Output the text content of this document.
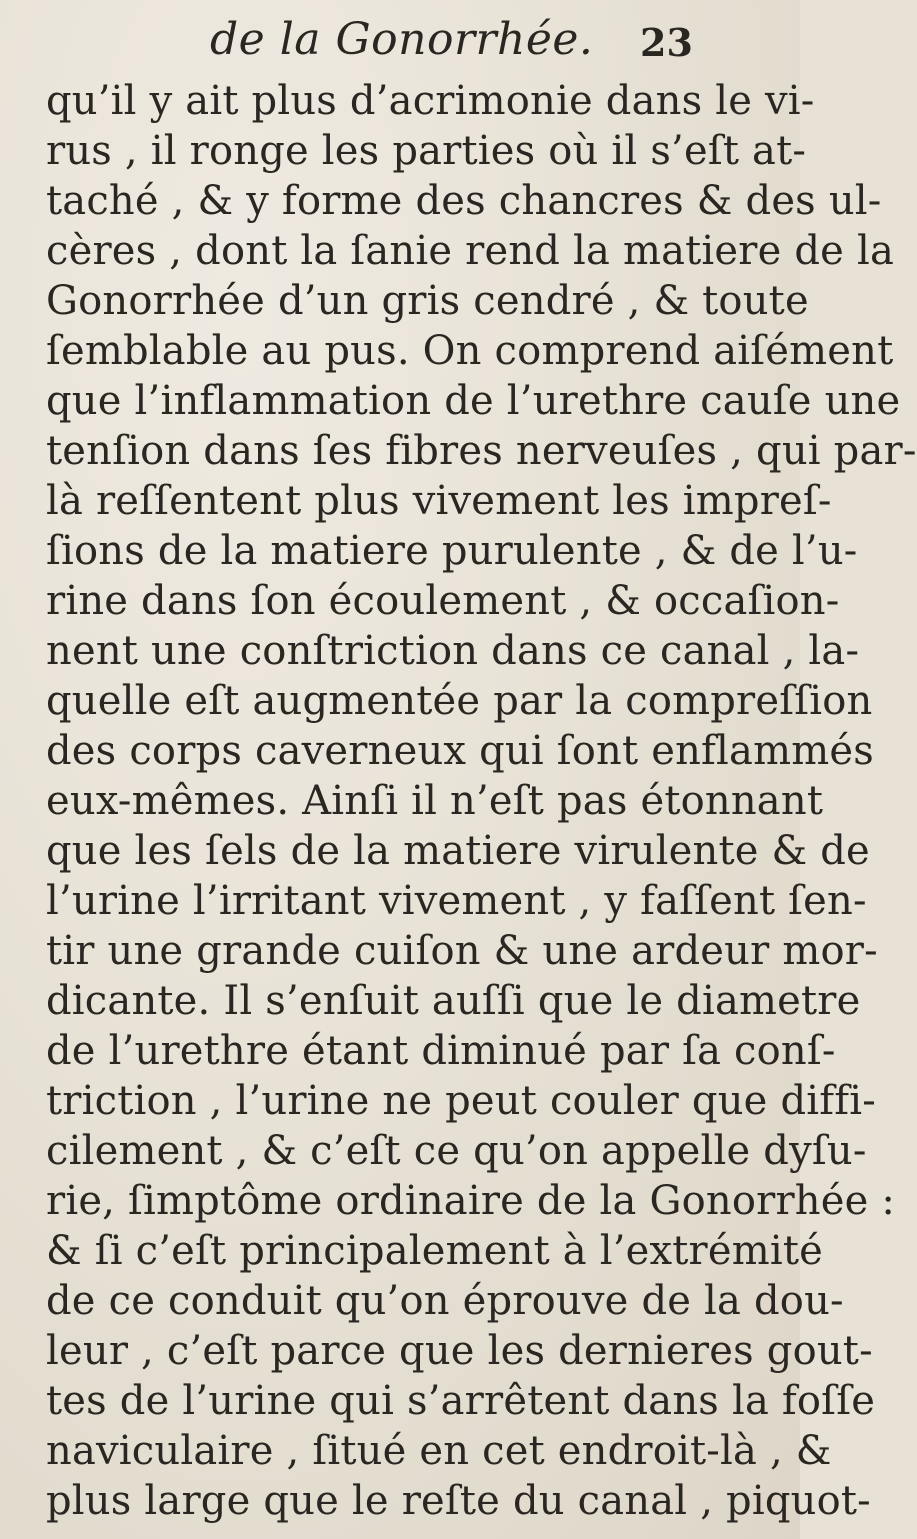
de la Gonorrhée. 23
qu’il y ait plus d’acrimonie dans le vi-
rus , il ronge les parties où il s’eſt at-
taché , & y forme des chancres & des ul-
cères , dont la ſanie rend la matiere de la
Gonorrhée d’un gris cendré , & toute
ſemblable au pus. On comprend aiſément
que l’inflammation de l’urethre cauſe une
tenſion dans ſes fibres nerveuſes , qui par-
là reſſentent plus vivement les impreſ-
ſions de la matiere purulente , & de l’u-
rine dans ſon écoulement , & occaſion-
nent une conſtriction dans ce canal , la-
quelle eſt augmentée par la compreſſion
des corps caverneux qui ſont enflammés
eux-mêmes. Ainſi il n’eſt pas étonnant
que les ſels de la matiere virulente & de
l’urine l’irritant vivement , y faſſent ſen-
tir une grande cuiſon & une ardeur mor-
dicante. Il s’enſuit auſſi que le diametre
de l’urethre étant diminué par ſa conſ-
triction , l’urine ne peut couler que diffi-
cilement , & c’eſt ce qu’on appelle dyſu-
rie, ſimptôme ordinaire de la Gonorrhée :
& ſi c’eſt principalement à l’extrémité
de ce conduit qu’on éprouve de la dou-
leur , c’eſt parce que les dernieres gout-
tes de l’urine qui s’arrêtent dans la foſſe
naviculaire , ſitué en cet endroit-là , &
plus large que le reſte du canal , piquot-
